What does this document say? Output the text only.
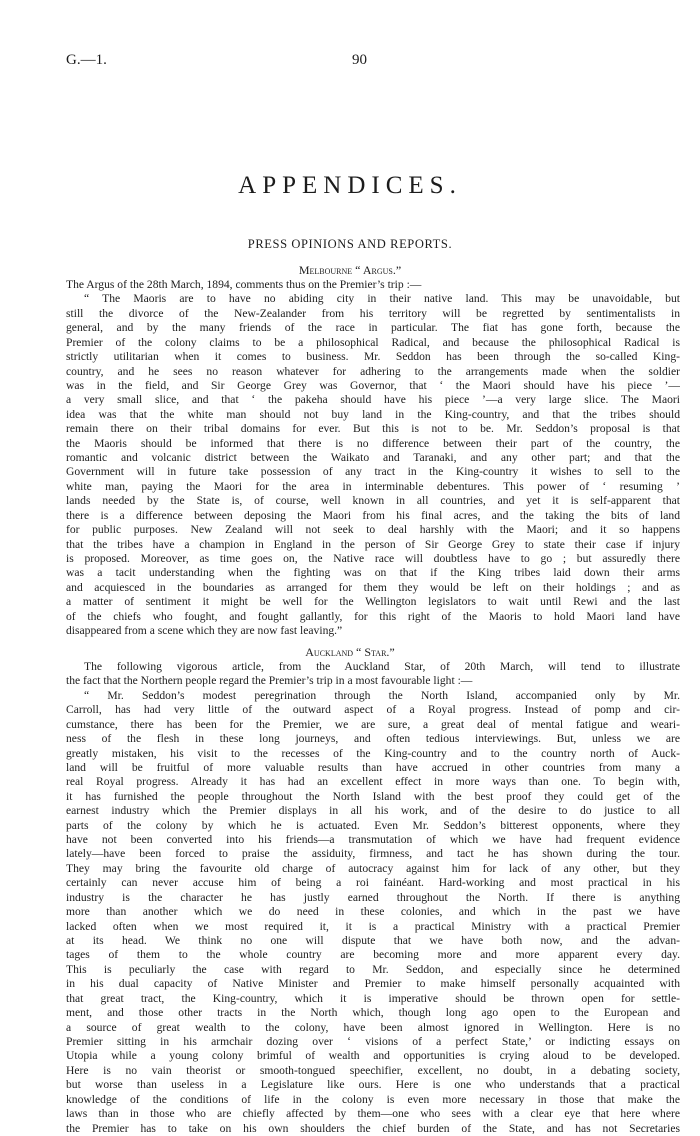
G.—1.	90
APPENDICES.
PRESS OPINIONS AND REPORTS.
Melbourne “ Argus.”
The Argus of the 28th March, 1894, comments thus on the Premier’s trip :—
“ The Maoris are to have no abiding city in their native land. This may be unavoidable, but
still the divorce of the New-Zealander from his territory will be regretted by sentimentalists in
general, and by the many friends of the race in particular. The fiat has gone forth, because the
Premier of the colony claims to be a philosophical Radical, and because the philosophical Radical is
strictly utilitarian when it comes to business. Mr. Seddon has been through the so-called King-
country, and he sees no reason whatever for adhering to the arrangements made when the soldier
was in the field, and Sir George Grey was Governor, that ‘ the Maori should have his piece ’—
a very small slice, and that ‘ the pakeha should have his piece ’—a very large slice. The Maori
idea was that the white man should not buy land in the King-country, and that the tribes should
remain there on their tribal domains for ever. But this is not to be. Mr. Seddon’s proposal is that
the Maoris should be informed that there is no difference between their part of the country, the
romantic and volcanic district between the Waikato and Taranaki, and any other part; and that the
Government will in future take possession of any tract in the King-country it wishes to sell to the
white man, paying the Maori for the area in interminable debentures. This power of ‘ resuming ’
lands needed by the State is, of course, well known in all countries, and yet it is self-apparent that
there is a difference between deposing the Maori from his final acres, and the taking the bits of land
for public purposes. New Zealand will not seek to deal harshly with the Maori; and it so happens
that the tribes have a champion in England in the person of Sir George Grey to state their case if injury
is proposed. Moreover, as time goes on, the Native race will doubtless have to go ; but assuredly there
was a tacit understanding when the fighting was on that if the King tribes laid down their arms
and acquiesced in the boundaries as arranged for them they would be left on their holdings ; and as
a matter of sentiment it might be well for the Wellington legislators to wait until Rewi and the last
of the chiefs who fought, and fought gallantly, for this right of the Maoris to hold Maori land have
disappeared from a scene which they are now fast leaving.”
Auckland “ Star.”
The following vigorous article, from the Auckland Star, of 20th March, will tend to illustrate
the fact that the Northern people regard the Premier’s trip in a most favourable light :—
“ Mr. Seddon’s modest peregrination through the North Island, accompanied only by Mr.
Carroll, has had very little of the outward aspect of a Royal progress. Instead of pomp and cir-
cumstance, there has been for the Premier, we are sure, a great deal of mental fatigue and weari-
ness of the flesh in these long journeys, and often tedious interviewings. But, unless we are
greatly mistaken, his visit to the recesses of the King-country and to the country north of Auck-
land will be fruitful of more valuable results than have accrued in other countries from many a
real Royal progress. Already it has had an excellent effect in more ways than one. To begin with,
it has furnished the people throughout the North Island with the best proof they could get of the
earnest industry which the Premier displays in all his work, and of the desire to do justice to all
parts of the colony by which he is actuated. Even Mr. Seddon’s bitterest opponents, where they
have not been converted into his friends—a transmutation of which we have had frequent evidence
lately—have been forced to praise the assiduity, firmness, and tact he has shown during the tour.
They may bring the favourite old charge of autocracy against him for lack of any other, but they
certainly can never accuse him of being a roi fainéant. Hard-working and most practical in his
industry is the character he has justly earned throughout the North. If there is anything
more than another which we do need in these colonies, and which in the past we have
lacked often when we most required it, it is a practical Ministry with a practical Premier
at its head. We think no one will dispute that we have both now, and the advan-
tages of them to the whole country are becoming more and more apparent every day.
This is peculiarly the case with regard to Mr. Seddon, and especially since he determined
in his dual capacity of Native Minister and Premier to make himself personally acquainted with
that great tract, the King-country, which it is imperative should be thrown open for settle-
ment, and those other tracts in the North which, though long ago open to the European and
a source of great wealth to the colony, have been almost ignored in Wellington. Here is no
Premier sitting in his armchair dozing over ‘ visions of a perfect State,’ or indicting essays on
Utopia while a young colony brimful of wealth and opportunities is crying aloud to be developed.
Here is no vain theorist or smooth-tongued speechifier, excellent, no doubt, in a debating society,
but worse than useless in a Legislature like ours. Here is one who understands that a practical
knowledge of the conditions of life in the colony is even more necessary in those that make the
laws than in those who are chiefly affected by them—one who sees with a clear eye that here where
the Premier has to take on his own shoulders the chief burden of the State, and has not Secretaries
